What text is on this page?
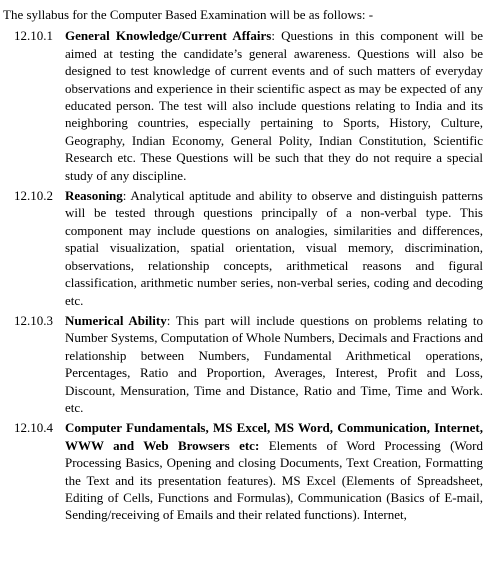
The syllabus for the Computer Based Examination will be as follows: -
12.10.1 General Knowledge/Current Affairs: Questions in this component will be aimed at testing the candidate’s general awareness. Questions will also be designed to test knowledge of current events and of such matters of everyday observations and experience in their scientific aspect as may be expected of any educated person. The test will also include questions relating to India and its neighboring countries, especially pertaining to Sports, History, Culture, Geography, Indian Economy, General Polity, Indian Constitution, Scientific Research etc. These Questions will be such that they do not require a special study of any discipline.
12.10.2 Reasoning: Analytical aptitude and ability to observe and distinguish patterns will be tested through questions principally of a non-verbal type. This component may include questions on analogies, similarities and differences, spatial visualization, spatial orientation, visual memory, discrimination, observations, relationship concepts, arithmetical reasons and figural classification, arithmetic number series, non-verbal series, coding and decoding etc.
12.10.3 Numerical Ability: This part will include questions on problems relating to Number Systems, Computation of Whole Numbers, Decimals and Fractions and relationship between Numbers, Fundamental Arithmetical operations, Percentages, Ratio and Proportion, Averages, Interest, Profit and Loss, Discount, Mensuration, Time and Distance, Ratio and Time, Time and Work. etc.
12.10.4 Computer Fundamentals, MS Excel, MS Word, Communication, Internet, WWW and Web Browsers etc: Elements of Word Processing (Word Processing Basics, Opening and closing Documents, Text Creation, Formatting the Text and its presentation features). MS Excel (Elements of Spreadsheet, Editing of Cells, Functions and Formulas), Communication (Basics of E-mail, Sending/receiving of Emails and their related functions). Internet,
